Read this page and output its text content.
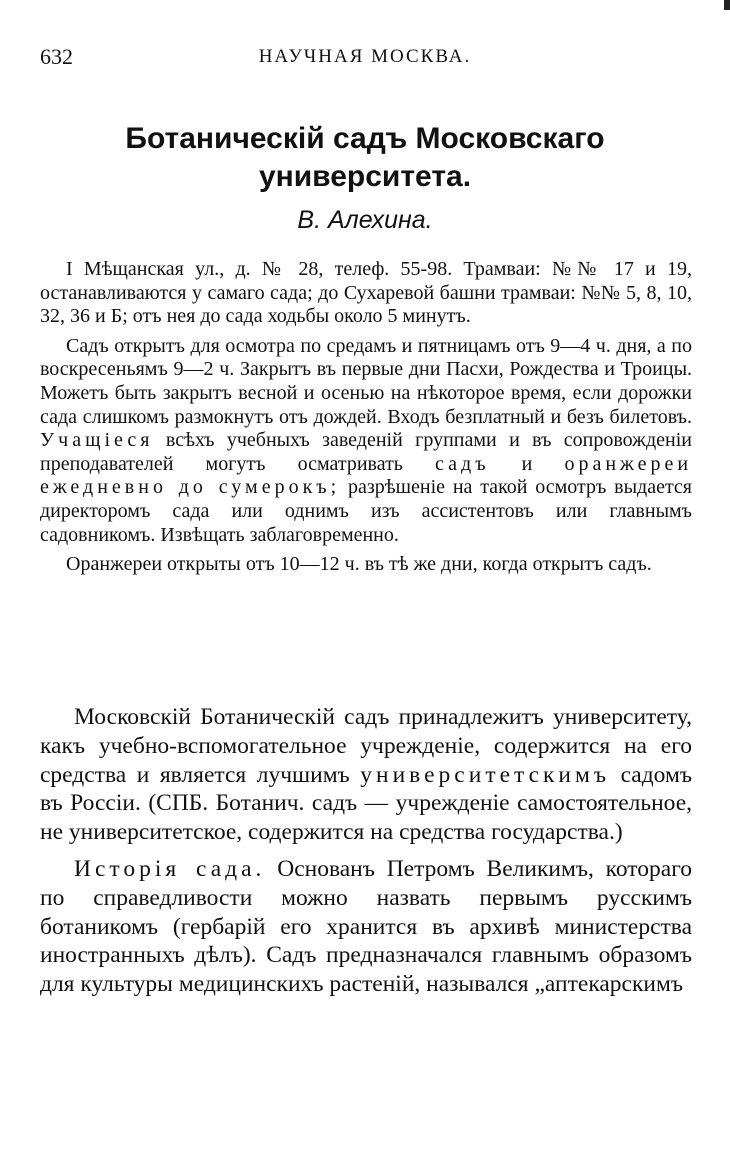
632	НАУЧНАЯ МОСКВА.
Ботаническій садъ Московскаго университета.
В. Алехина.

I Мѣщанская ул., д. № 28, телеф. 55-98. Трамваи: №№ 17 и 19, останавливаются у самаго сада; до Сухаревой башни трамваи: №№ 5, 8, 10, 32, 36 и Б; отъ нея до сада ходьбы около 5 минутъ.

Садъ открытъ для осмотра по средамъ и пятницамъ отъ 9—4 ч. дня, а по воскресеньямъ 9—2 ч. Закрытъ въ первые дни Пасхи, Рождества и Троицы. Можетъ быть закрытъ весной и осенью на нѣкоторое время, если дорожки сада слишкомъ размокнутъ отъ дождей. Входъ безплатный и безъ билетовъ. Учащіеся всѣхъ учебныхъ заведеній группами и въ сопровожденіи преподавателей могутъ осматривать садъ и оранжереи ежедневно до сумерокъ; разрѣшеніе на такой осмотръ выдается директоромъ сада или однимъ изъ ассистентовъ или главнымъ садовникомъ. Извѣщать заблаговременно.

Оранжереи открыты отъ 10—12 ч. въ тѣ же дни, когда открытъ садъ.

Московскій Ботаническій садъ принадлежитъ университету, какъ учебно-вспомогательное учрежденіе, содержится на его средства и является лучшимъ университетскимъ садомъ въ Россіи. (СПБ. Ботанич. садъ — учрежденіе самостоятельное, не университетское, содержится на средства государства.)

Исторія сада. Основанъ Петромъ Великимъ, котораго по справедливости можно назвать первымъ русскимъ ботаникомъ (гербарій его хранится въ архивѣ министерства иностранныхъ дѣлъ). Садъ предназначался главнымъ образомъ для культуры медицинскихъ растеній, назывался „аптекарскимъ
